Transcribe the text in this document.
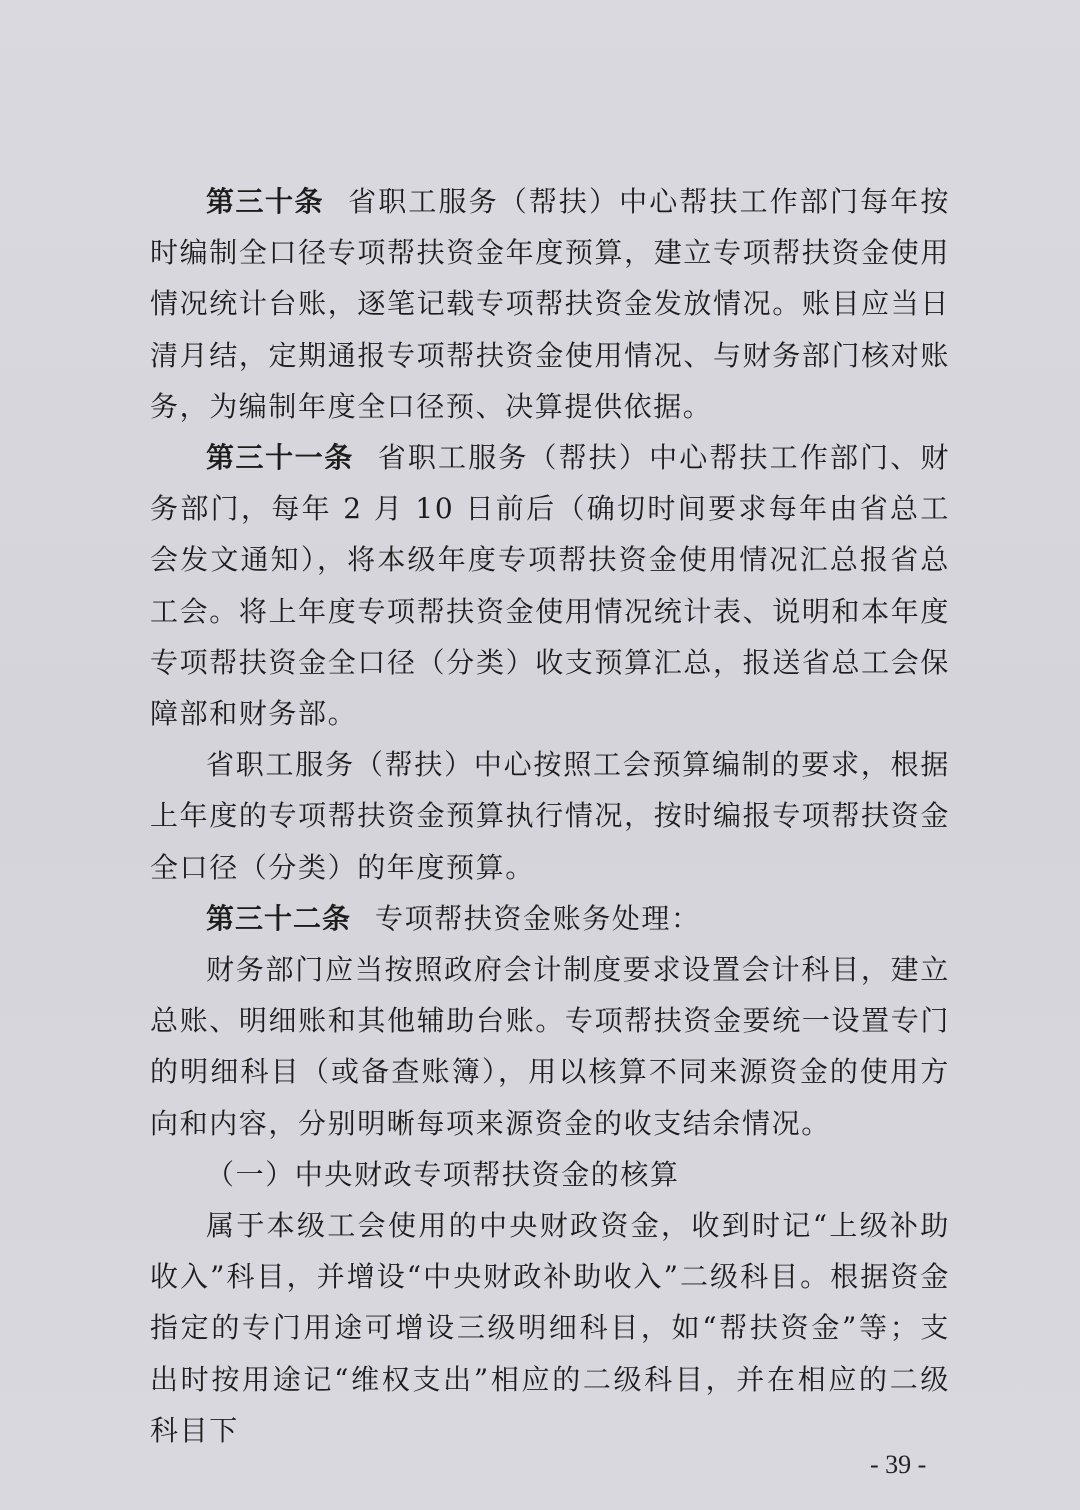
第三十条 省职工服务（帮扶）中心帮扶工作部门每年按时编制全口径专项帮扶资金年度预算，建立专项帮扶资金使用情况统计台账，逐笔记载专项帮扶资金发放情况。账目应当日清月结，定期通报专项帮扶资金使用情况、与财务部门核对账务，为编制年度全口径预、决算提供依据。

第三十一条 省职工服务（帮扶）中心帮扶工作部门、财务部门，每年 2 月 10 日前后（确切时间要求每年由省总工会发文通知），将本级年度专项帮扶资金使用情况汇总报省总工会。将上年度专项帮扶资金使用情况统计表、说明和本年度专项帮扶资金全口径（分类）收支预算汇总，报送省总工会保障部和财务部。

省职工服务（帮扶）中心按照工会预算编制的要求，根据上年度的专项帮扶资金预算执行情况，按时编报专项帮扶资金全口径（分类）的年度预算。

第三十二条 专项帮扶资金账务处理：

财务部门应当按照政府会计制度要求设置会计科目，建立总账、明细账和其他辅助台账。专项帮扶资金要统一设置专门的明细科目（或备查账簿），用以核算不同来源资金的使用方向和内容，分别明晰每项来源资金的收支结余情况。

（一）中央财政专项帮扶资金的核算

属于本级工会使用的中央财政资金，收到时记“上级补助收入”科目，并增设“中央财政补助收入”二级科目。根据资金指定的专门用途可增设三级明细科目，如“帮扶资金”等；支出时按用途记“维权支出”相应的二级科目，并在相应的二级科目下

- 39 -
